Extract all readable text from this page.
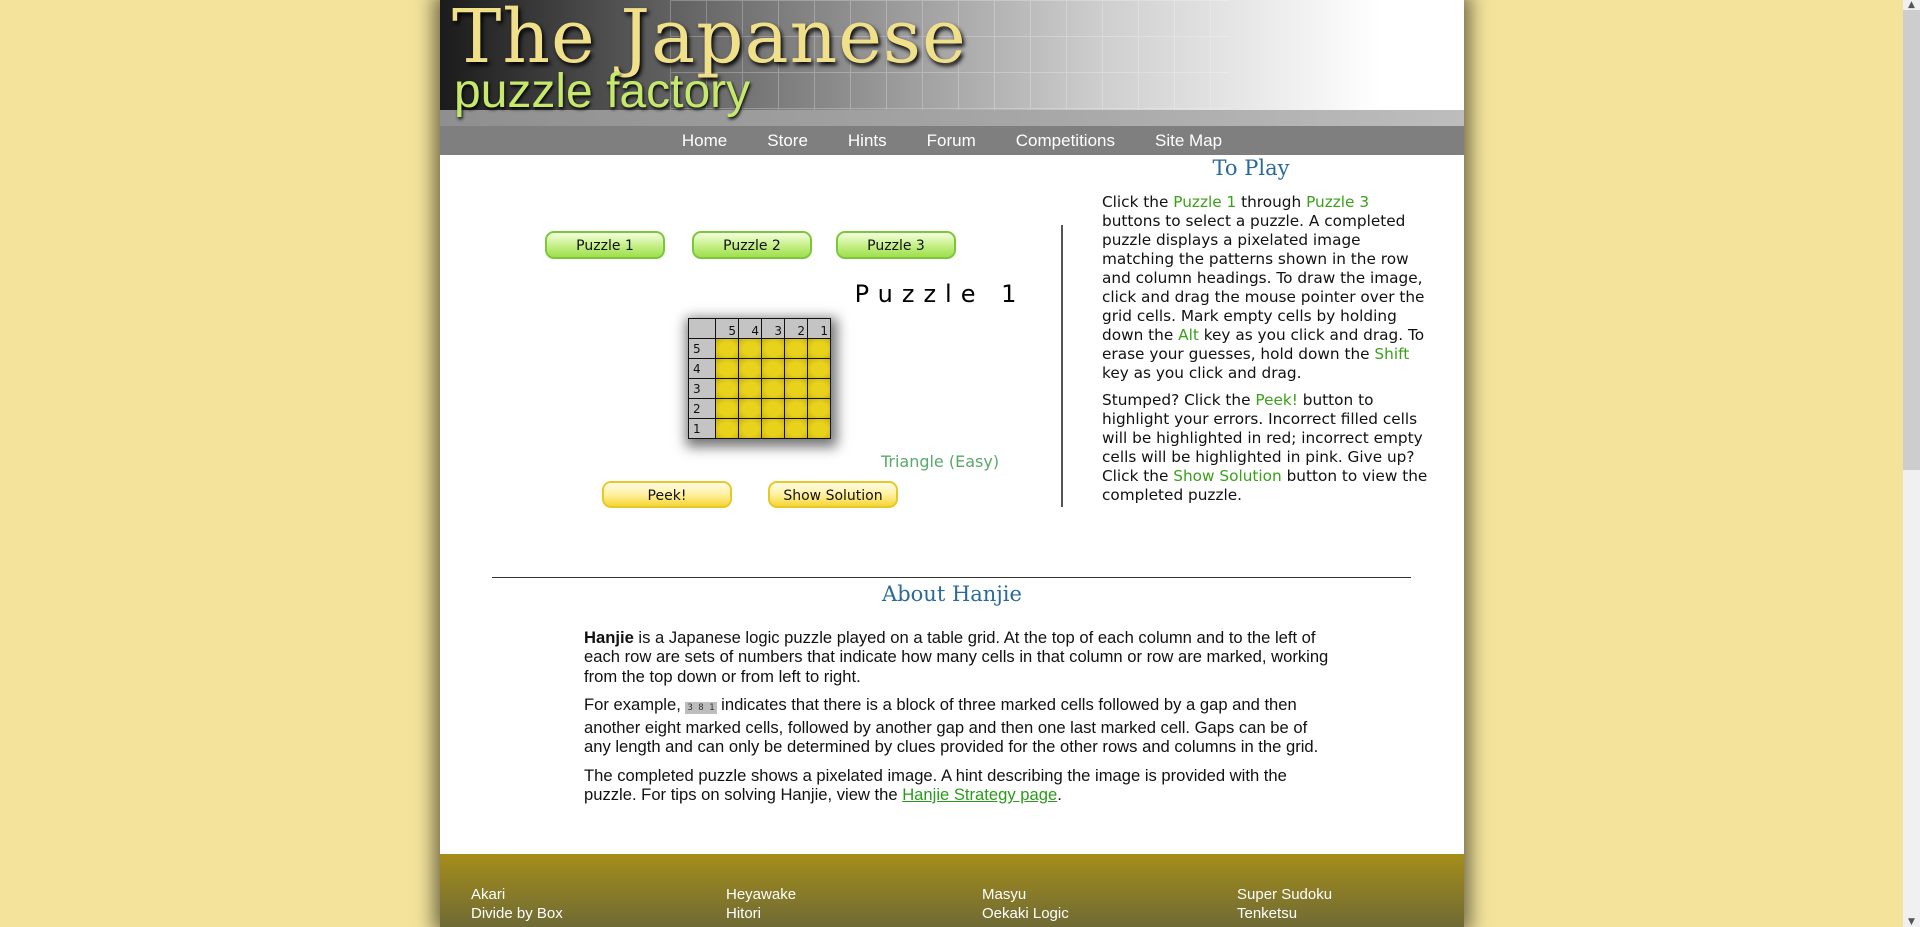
The Japanese
puzzle factory
Home Store Hints Forum Competitions Site Map
Puzzle 1	Puzzle 2	Puzzle 3
Puzzle 1
	5	4	3	2	1
5					
4					
3					
2					
1					
Triangle (Easy)
Peek!	Show Solution
To Play

Click the Puzzle 1 through Puzzle 3 buttons to select a puzzle. A completed puzzle displays a pixelated image matching the patterns shown in the row and column headings. To draw the image, click and drag the mouse pointer over the grid cells. Mark empty cells by holding down the Alt key as you click and drag. To erase your guesses, hold down the Shift key as you click and drag.

Stumped? Click the Peek! button to highlight your errors. Incorrect filled cells will be highlighted in red; incorrect empty cells will be highlighted in pink. Give up? Click the Show Solution button to view the completed puzzle.

About Hanjie

Hanjie is a Japanese logic puzzle played on a table grid. At the top of each column and to the left of each row are sets of numbers that indicate how many cells in that column or row are marked, working from the top down or from left to right.

For example, 3 8 1 indicates that there is a block of three marked cells followed by a gap and then another eight marked cells, followed by another gap and then one last marked cell. Gaps can be of any length and can only be determined by clues provided for the other rows and columns in the grid.

The completed puzzle shows a pixelated image. A hint describing the image is provided with the puzzle. For tips on solving Hanjie, view the Hanjie Strategy page.

Akari
Divide by Box
Heyawake
Hitori
Masyu
Oekaki Logic
Super Sudoku
Tenketsu
▲
▼
